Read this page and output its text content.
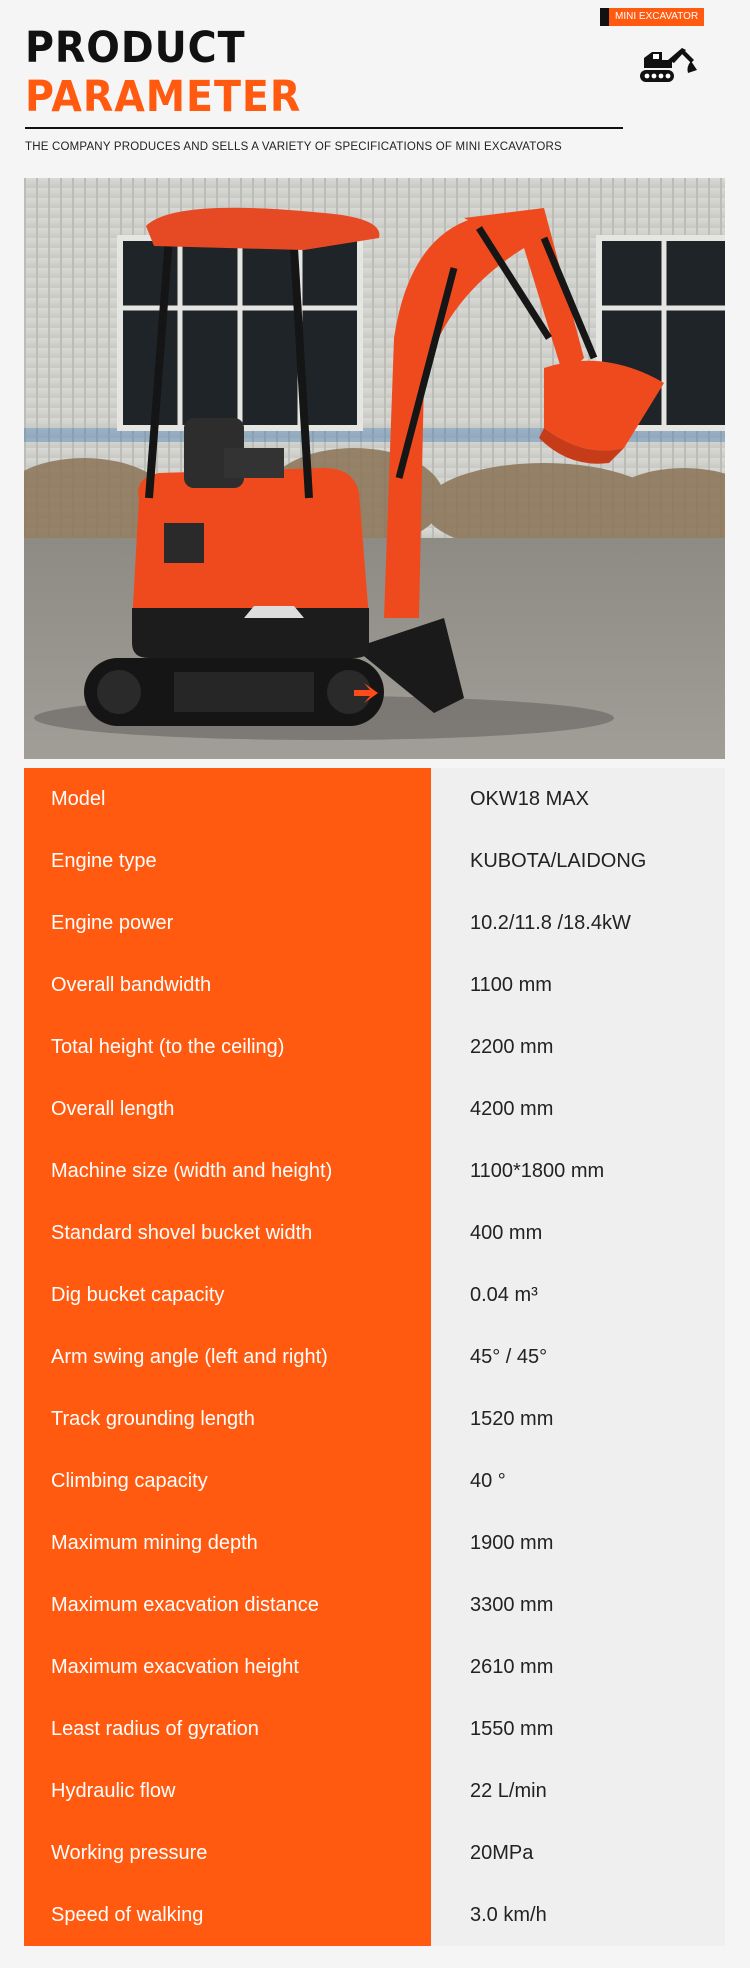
PRODUCT
PARAMETER
THE COMPANY PRODUCES AND SELLS A VARIETY OF SPECIFICATIONS OF MINI EXCAVATORS
MINI EXCAVATOR
Model	OKW18 MAX
Engine type	KUBOTA/LAIDONG
Engine power	10.2/11.8 /18.4kW
Overall bandwidth	1100 mm
Total height (to the ceiling)	2200 mm
Overall length	4200 mm
Machine size (width and height)	1100*1800 mm
Standard shovel bucket width	400 mm
Dig bucket capacity	0.04 m³
Arm swing angle (left and right)	45° / 45°
Track grounding length	1520 mm
Climbing capacity	40 °
Maximum mining depth	1900 mm
Maximum exacvation distance	3300 mm
Maximum exacvation height	2610 mm
Least radius of gyration	1550 mm
Hydraulic flow	22 L/min
Working pressure	20MPa
Speed of walking	3.0 km/h
